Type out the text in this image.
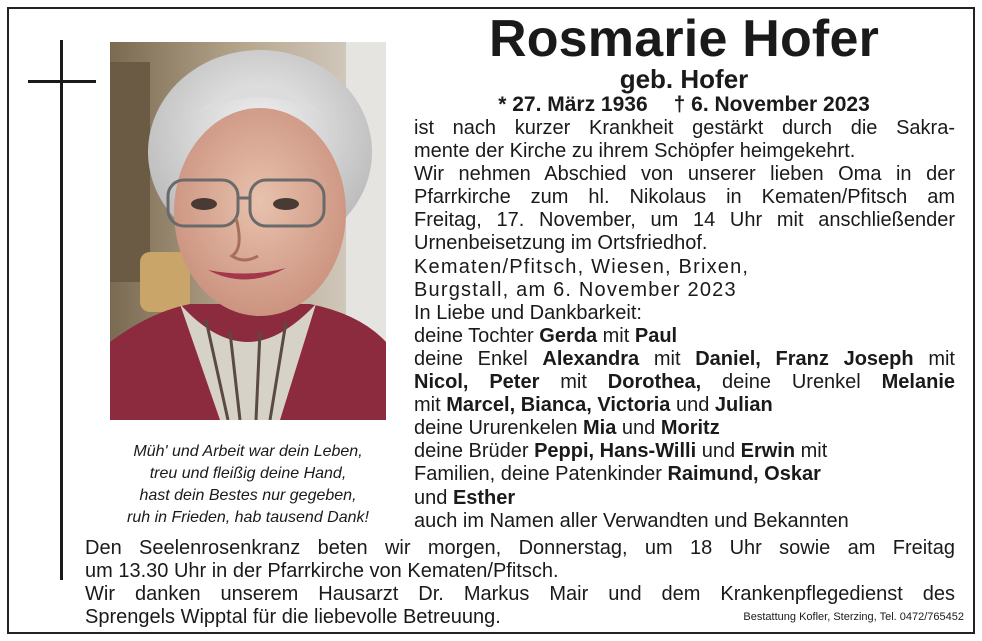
Müh' und Arbeit war dein Leben,
treu und fleißig deine Hand,
hast dein Bestes nur gegeben,
ruh in Frieden, hab tausend Dank!
Rosmarie Hofer
geb. Hofer
* 27. März 1936 † 6. November 2023
ist nach kurzer Krankheit gestärkt durch die Sakra-
mente der Kirche zu ihrem Schöpfer heimgekehrt.
Wir nehmen Abschied von unserer lieben Oma in der
Pfarrkirche zum hl. Nikolaus in Kematen/Pfitsch am
Freitag, 17. November, um 14 Uhr mit anschließender
Urnenbeisetzung im Ortsfriedhof.
Kematen/Pfitsch, Wiesen, Brixen,
Burgstall, am 6. November 2023
In Liebe und Dankbarkeit:
deine Tochter Gerda mit Paul
deine Enkel Alexandra mit Daniel, Franz Joseph mit
Nicol, Peter mit Dorothea, deine Urenkel Melanie
mit Marcel, Bianca, Victoria und Julian
deine Ururenkelen Mia und Moritz
deine Brüder Peppi, Hans-Willi und Erwin mit
Familien, deine Patenkinder Raimund, Oskar
und Esther
auch im Namen aller Verwandten und Bekannten
Den Seelenrosenkranz beten wir morgen, Donnerstag, um 18 Uhr sowie am Freitag
um 13.30 Uhr in der Pfarrkirche von Kematen/Pfitsch.
Wir danken unserem Hausarzt Dr. Markus Mair und dem Krankenpflegedienst des
Sprengels Wipptal für die liebevolle Betreuung.	Bestattung Kofler, Sterzing, Tel. 0472/765452
